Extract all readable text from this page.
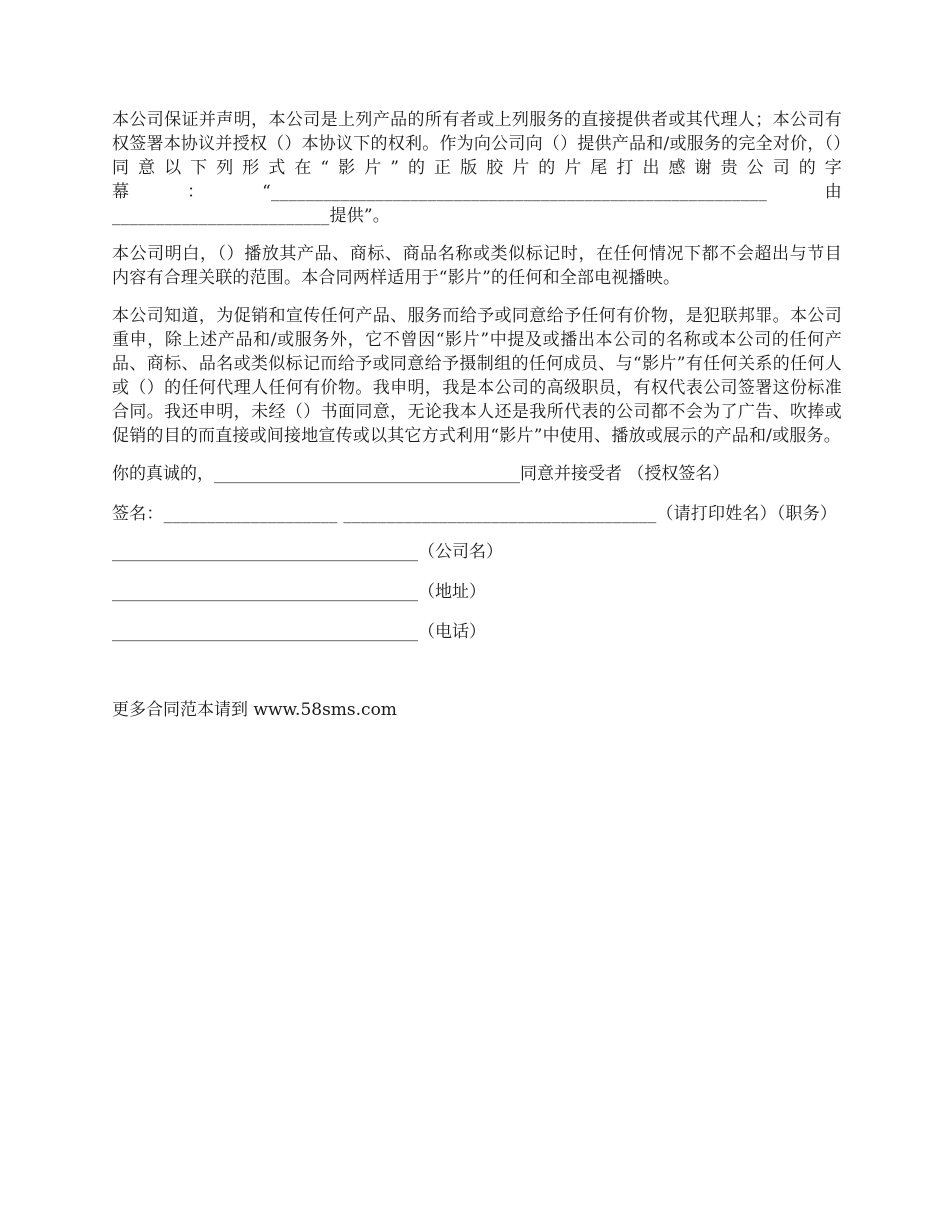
本公司保证并声明，本公司是上列产品的所有者或上列服务的直接提供者或其代理人；本公司有权签署本协议并授权（）本协议下的权利。作为向公司向（）提供产品和/或服务的完全对价，（）同意以下列形式在“影片”的正版胶片的片尾打出感谢贵公司的字幕：“_________________________________________________________由_________________________提供”。

本公司明白，（）播放其产品、商标、商品名称或类似标记时，在任何情况下都不会超出与节目内容有合理关联的范围。本合同两样适用于“影片”的任何和全部电视播映。

本公司知道，为促销和宣传任何产品、服务而给予或同意给予任何有价物，是犯联邦罪。本公司重申，除上述产品和/或服务外，它不曾因“影片”中提及或播出本公司的名称或本公司的任何产品、商标、品名或类似标记而给予或同意给予摄制组的任何成员、与“影片”有任何关系的任何人或（）的任何代理人任何有价物。我申明，我是本公司的高级职员，有权代表公司签署这份标准合同。我还申明，未经（）书面同意，无论我本人还是我所代表的公司都不会为了广告、吹捧或促销的目的而直接或间接地宣传或以其它方式利用“影片”中使用、播放或展示的产品和/或服务。

你的真诚的，____________________________________同意并接受者 （授权签名）

签名：____________________ ____________________________________（请打印姓名）（职务）

____________________________________（公司名）

____________________________________（地址）

____________________________________（电话）

更多合同范本请到 www.58sms.com
